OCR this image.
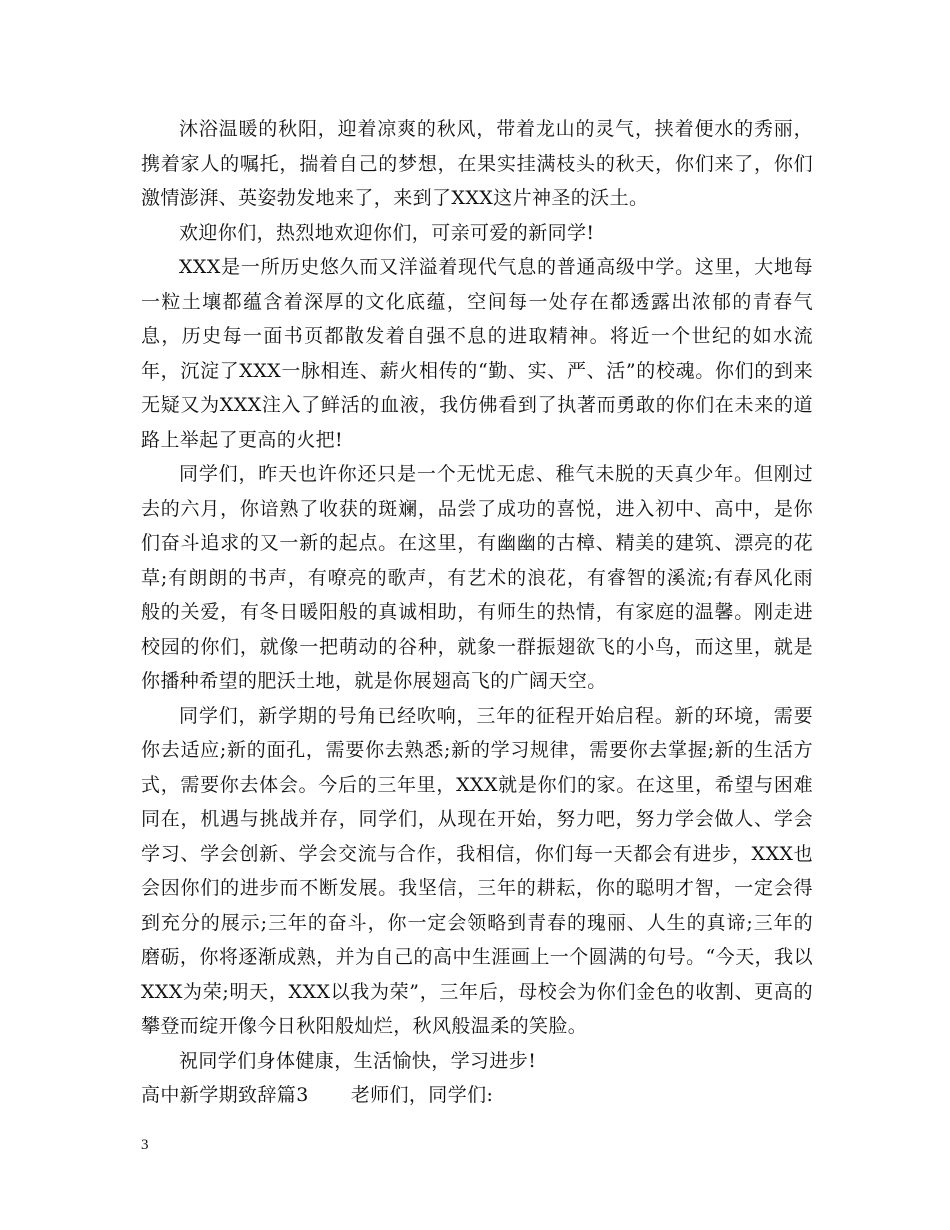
沐浴温暖的秋阳，迎着凉爽的秋风，带着龙山的灵气，挟着便水的秀丽，携着家人的嘱托，揣着自己的梦想，在果实挂满枝头的秋天，你们来了，你们激情澎湃、英姿勃发地来了，来到了XXX这片神圣的沃土。

欢迎你们，热烈地欢迎你们，可亲可爱的新同学!

XXX是一所历史悠久而又洋溢着现代气息的普通高级中学。这里，大地每一粒土壤都蕴含着深厚的文化底蕴，空间每一处存在都透露出浓郁的青春气息，历史每一面书页都散发着自强不息的进取精神。将近一个世纪的如水流年，沉淀了XXX一脉相连、薪火相传的“勤、实、严、活”的校魂。你们的到来无疑又为XXX注入了鲜活的血液，我仿佛看到了执著而勇敢的你们在未来的道路上举起了更高的火把!

同学们，昨天也许你还只是一个无忧无虑、稚气未脱的天真少年。但刚过去的六月，你谙熟了收获的斑斓，品尝了成功的喜悦，进入初中、高中，是你们奋斗追求的又一新的起点。在这里，有幽幽的古樟、精美的建筑、漂亮的花草;有朗朗的书声，有嘹亮的歌声，有艺术的浪花，有睿智的溪流;有春风化雨般的关爱，有冬日暖阳般的真诚相助，有师生的热情，有家庭的温馨。刚走进校园的你们，就像一把萌动的谷种，就象一群振翅欲飞的小鸟，而这里，就是你播种希望的肥沃土地，就是你展翅高飞的广阔天空。

同学们，新学期的号角已经吹响，三年的征程开始启程。新的环境，需要你去适应;新的面孔，需要你去熟悉;新的学习规律，需要你去掌握;新的生活方式，需要你去体会。今后的三年里，XXX就是你们的家。在这里，希望与困难同在，机遇与挑战并存，同学们，从现在开始，努力吧，努力学会做人、学会学习、学会创新、学会交流与合作，我相信，你们每一天都会有进步，XXX也会因你们的进步而不断发展。我坚信，三年的耕耘，你的聪明才智，一定会得到充分的展示;三年的奋斗，你一定会领略到青春的瑰丽、人生的真谛;三年的磨砺，你将逐渐成熟，并为自己的高中生涯画上一个圆满的句号。“今天，我以XXX为荣;明天，XXX以我为荣”，三年后，母校会为你们金色的收割、更高的攀登而绽开像今日秋阳般灿烂，秋风般温柔的笑脸。

祝同学们身体健康，生活愉快，学习进步!

高中新学期致辞篇3 老师们，同学们:

3
